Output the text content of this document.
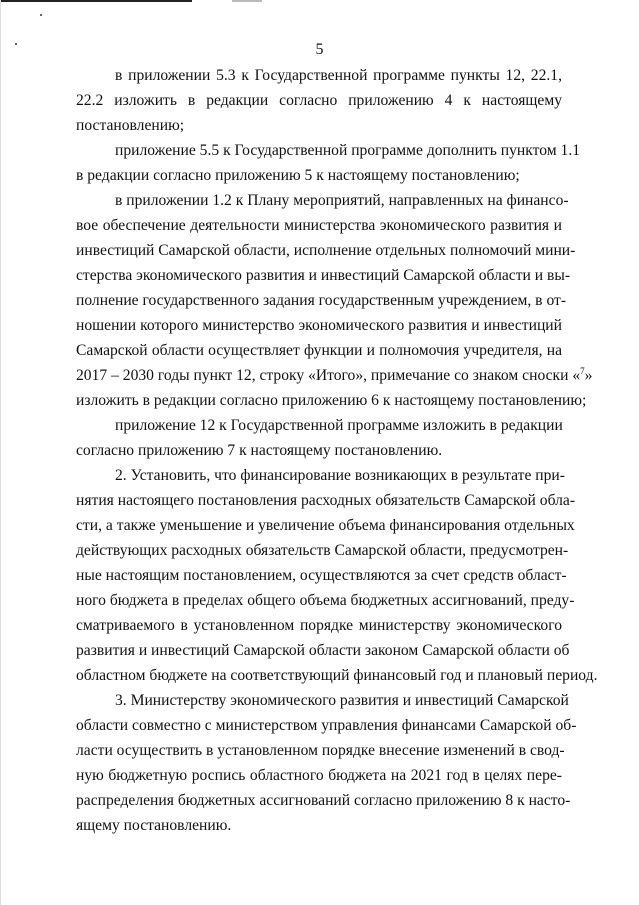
5
в приложении 5.3 к Государственной программе пункты 12, 22.1,
22.2 изложить в редакции согласно приложению 4 к настоящему
постановлению;
приложение 5.5 к Государственной программе дополнить пунктом 1.1
в редакции согласно приложению 5 к настоящему постановлению;
в приложении 1.2 к Плану мероприятий, направленных на финансо-
вое обеспечение деятельности министерства экономического развития и
инвестиций Самарской области, исполнение отдельных полномочий мини-
стерства экономического развития и инвестиций Самарской области и вы-
полнение государственного задания государственным учреждением, в от-
ношении которого министерство экономического развития и инвестиций
Самарской области осуществляет функции и полномочия учредителя, на
2017 – 2030 годы пункт 12, строку «Итого», примечание со знаком сноски «$^7$»
изложить в редакции согласно приложению 6 к настоящему постановлению;
приложение 12 к Государственной программе изложить в редакции
согласно приложению 7 к настоящему постановлению.
2. Установить, что финансирование возникающих в результате при-
нятия настоящего постановления расходных обязательств Самарской обла-
сти, а также уменьшение и увеличение объема финансирования отдельных
действующих расходных обязательств Самарской области, предусмотрен-
ные настоящим постановлением, осуществляются за счет средств област-
ного бюджета в пределах общего объема бюджетных ассигнований, преду-
сматриваемого в установленном порядке министерству экономического
развития и инвестиций Самарской области законом Самарской области об
областном бюджете на соответствующий финансовый год и плановый период.
3. Министерству экономического развития и инвестиций Самарской
области совместно с министерством управления финансами Самарской об-
ласти осуществить в установленном порядке внесение изменений в свод-
ную бюджетную роспись областного бюджета на 2021 год в целях пере-
распределения бюджетных ассигнований согласно приложению 8 к насто-
ящему постановлению.
